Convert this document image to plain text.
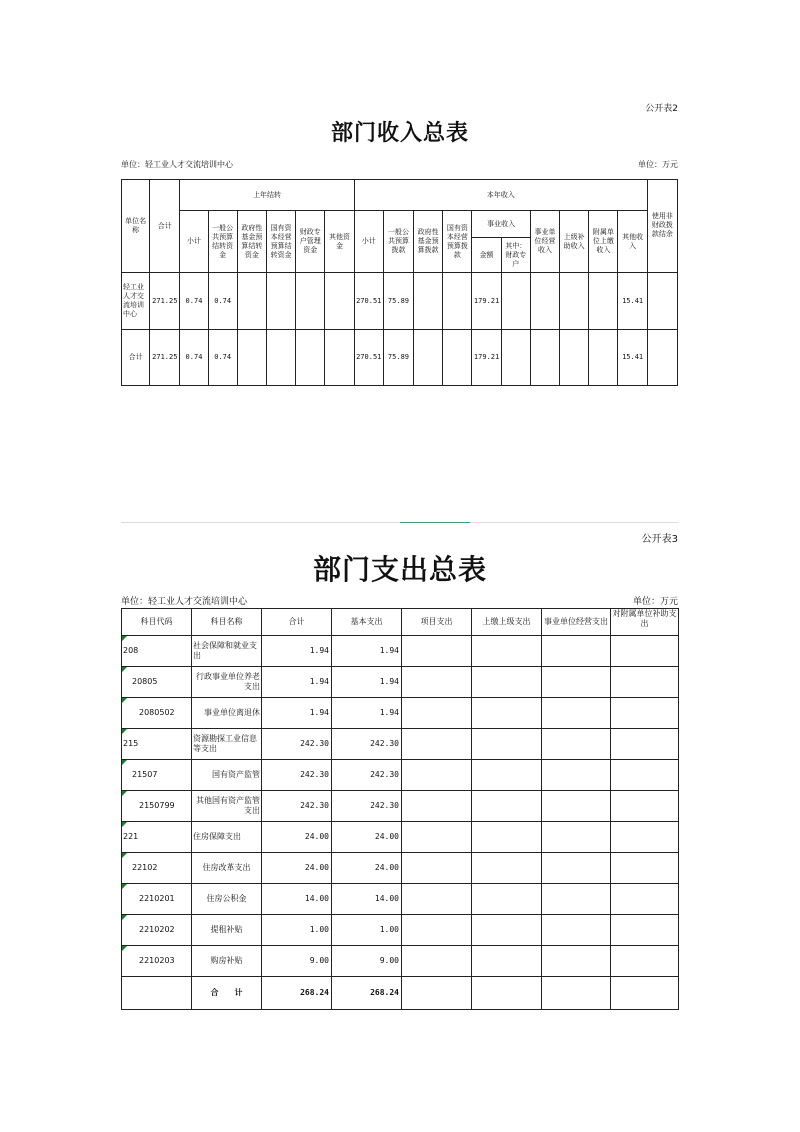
公开表2
部门收入总表
单位：轻工业人才交流培训中心	单位：万元
单位名称	合计	上年结转						本年收入										使用非财政拨款结余
		小计	一般公共预算结转资金	政府性基金预算结转资金	国有资本经营预算结转资金	财政专户管理资金	其他资金	小计	一般公共预算拨款	政府性基金预算拨款	国有资本经营预算拨款	事业收入		事业单位经营收入	上级补助收入	附属单位上缴收入	其他收入	
												金额	其中：财政专户					
轻工业人才交流培训中心	271.25	0.74	0.74					270.51	75.89			179.21					15.41	
合计	271.25	0.74	0.74					270.51	75.89			179.21					15.41	
公开表3
部门支出总表
单位：轻工业人才交流培训中心	单位：万元
科目代码	科目名称	合计	基本支出	项目支出	上缴上级支出	事业单位经营支出	对附属单位补助支出

208	社会保障和就业支出	1.94	1.94				

20805	行政事业单位养老支出	1.94	1.94				

2080502	事业单位离退休	1.94	1.94				

215	资源勘探工业信息等支出	242.30	242.30				

21507	国有资产监管	242.30	242.30				

2150799	其他国有资产监管支出	242.30	242.30				

221	住房保障支出	24.00	24.00				

22102	住房改革支出	24.00	24.00				

2210201	住房公积金	14.00	14.00				

2210202	提租补贴	1.00	1.00				

2210203	购房补贴	9.00	9.00				
	合　　计	268.24	268.24				
